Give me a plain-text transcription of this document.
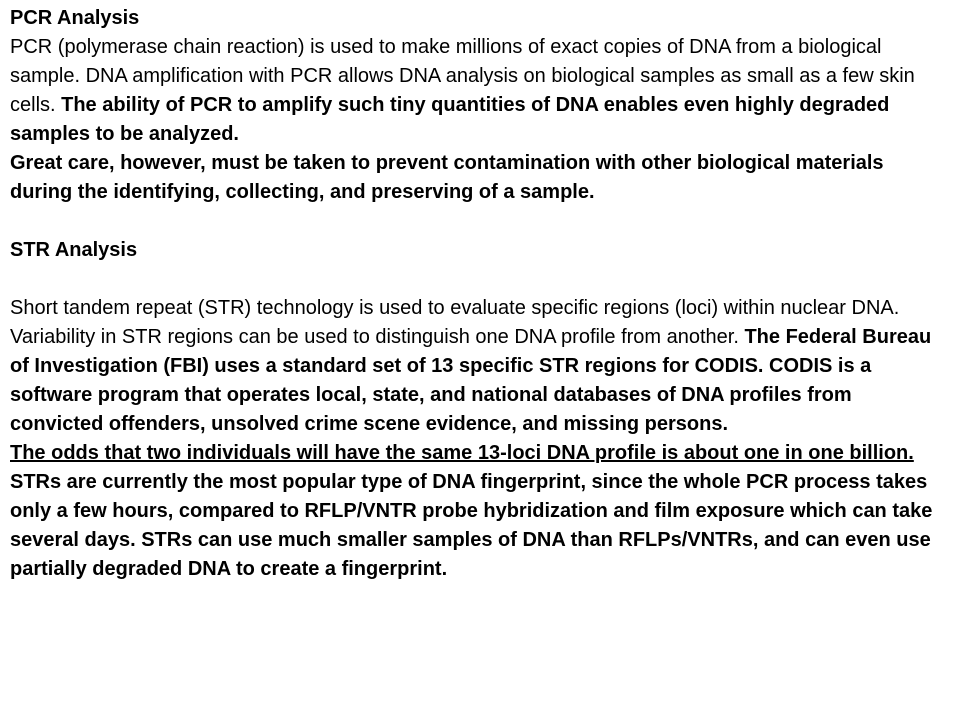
PCR Analysis

PCR (polymerase chain reaction) is used to make millions of exact copies of DNA from a biological sample. DNA amplification with PCR allows DNA analysis on biological samples as small as a few skin cells. The ability of PCR to amplify such tiny quantities of DNA enables even highly degraded samples to be analyzed.

Great care, however, must be taken to prevent contamination with other biological materials during the identifying, collecting, and preserving of a sample.

STR Analysis

Short tandem repeat (STR) technology is used to evaluate specific regions (loci) within nuclear DNA. Variability in STR regions can be used to distinguish one DNA profile from another. The Federal Bureau of Investigation (FBI) uses a standard set of 13 specific STR regions for CODIS. CODIS is a software program that operates local, state, and national databases of DNA profiles from convicted offenders, unsolved crime scene evidence, and missing persons.

The odds that two individuals will have the same 13-loci DNA profile is about one in one billion.

STRs are currently the most popular type of DNA fingerprint, since the whole PCR process takes only a few hours, compared to RFLP/VNTR probe hybridization and film exposure which can take several days. STRs can use much smaller samples of DNA than RFLPs/VNTRs, and can even use partially degraded DNA to create a fingerprint.
